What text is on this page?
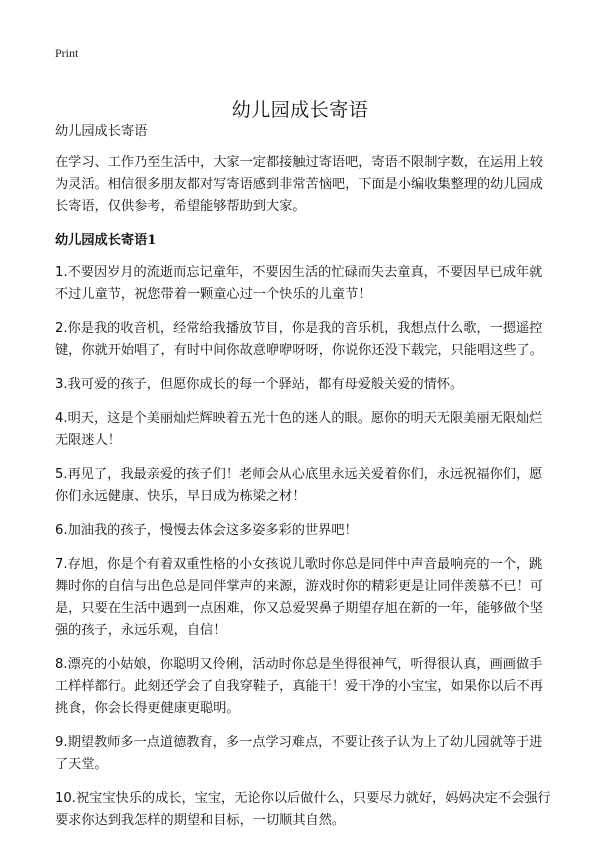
Print
幼儿园成长寄语

幼儿园成长寄语

在学习、工作乃至生活中，大家一定都接触过寄语吧，寄语不限制字数，在运用上较为灵活。相信很多朋友都对写寄语感到非常苦恼吧，下面是小编收集整理的幼儿园成长寄语，仅供参考，希望能够帮助到大家。

幼儿园成长寄语1

1.不要因岁月的流逝而忘记童年，不要因生活的忙碌而失去童真，不要因早已成年就不过儿童节，祝您带着一颗童心过一个快乐的儿童节！

2.你是我的收音机，经常给我播放节目，你是我的音乐机，我想点什么歌，一摁遥控键，你就开始唱了，有时中间你故意咿咿呀呀，你说你还没下载完，只能唱这些了。

3.我可爱的孩子，但愿你成长的每一个驿站，都有母爱般关爱的情怀。

4.明天，这是个美丽灿烂辉映着五光十色的迷人的眼。愿你的明天无限美丽无限灿烂无限迷人！

5.再见了，我最亲爱的孩子们！老师会从心底里永远关爱着你们，永远祝福你们，愿你们永远健康、快乐，早日成为栋梁之材！

6.加油我的孩子，慢慢去体会这多姿多彩的世界吧！

7.存旭，你是个有着双重性格的小女孩说儿歌时你总是同伴中声音最响亮的一个，跳舞时你的自信与出色总是同伴掌声的来源，游戏时你的精彩更是让同伴羡慕不已！可是，只要在生活中遇到一点困难，你又总爱哭鼻子期望存旭在新的一年，能够做个坚强的孩子，永远乐观，自信！

8.漂亮的小姑娘，你聪明又伶俐，活动时你总是坐得很神气，听得很认真，画画做手工样样都行。此刻还学会了自我穿鞋子，真能干！爱干净的小宝宝，如果你以后不再挑食，你会长得更健康更聪明。

9.期望教师多一点道德教育，多一点学习难点，不要让孩子认为上了幼儿园就等于进了天堂。

10.祝宝宝快乐的成长，宝宝，无论你以后做什么，只要尽力就好，妈妈决定不会强行要求你达到我怎样的期望和目标，一切顺其自然。
